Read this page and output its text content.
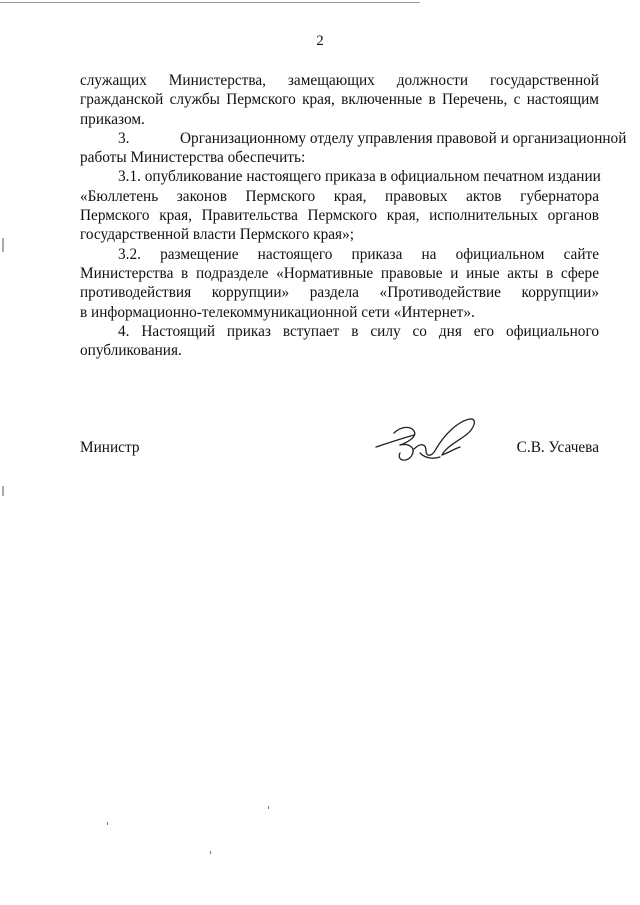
2
служащих Министерства, замещающих должности государственной
гражданской службы Пермского края, включенные в Перечень, с настоящим
приказом.
3.	Организационному отделу управления правовой и организационной
работы Министерства обеспечить:
3.1. опубликование настоящего приказа в официальном печатном издании
«Бюллетень законов Пермского края, правовых актов губернатора
Пермского края, Правительства Пермского края, исполнительных органов
государственной власти Пермского края»;
3.2. размещение настоящего приказа на официальном сайте
Министерства в подразделе «Нормативные правовые и иные акты в сфере
противодействия коррупции» раздела «Противодействие коррупции»
в информационно-телекоммуникационной сети «Интернет».
4. Настоящий приказ вступает в силу со дня его официального
опубликования.
Министр	С.В. Усачева
